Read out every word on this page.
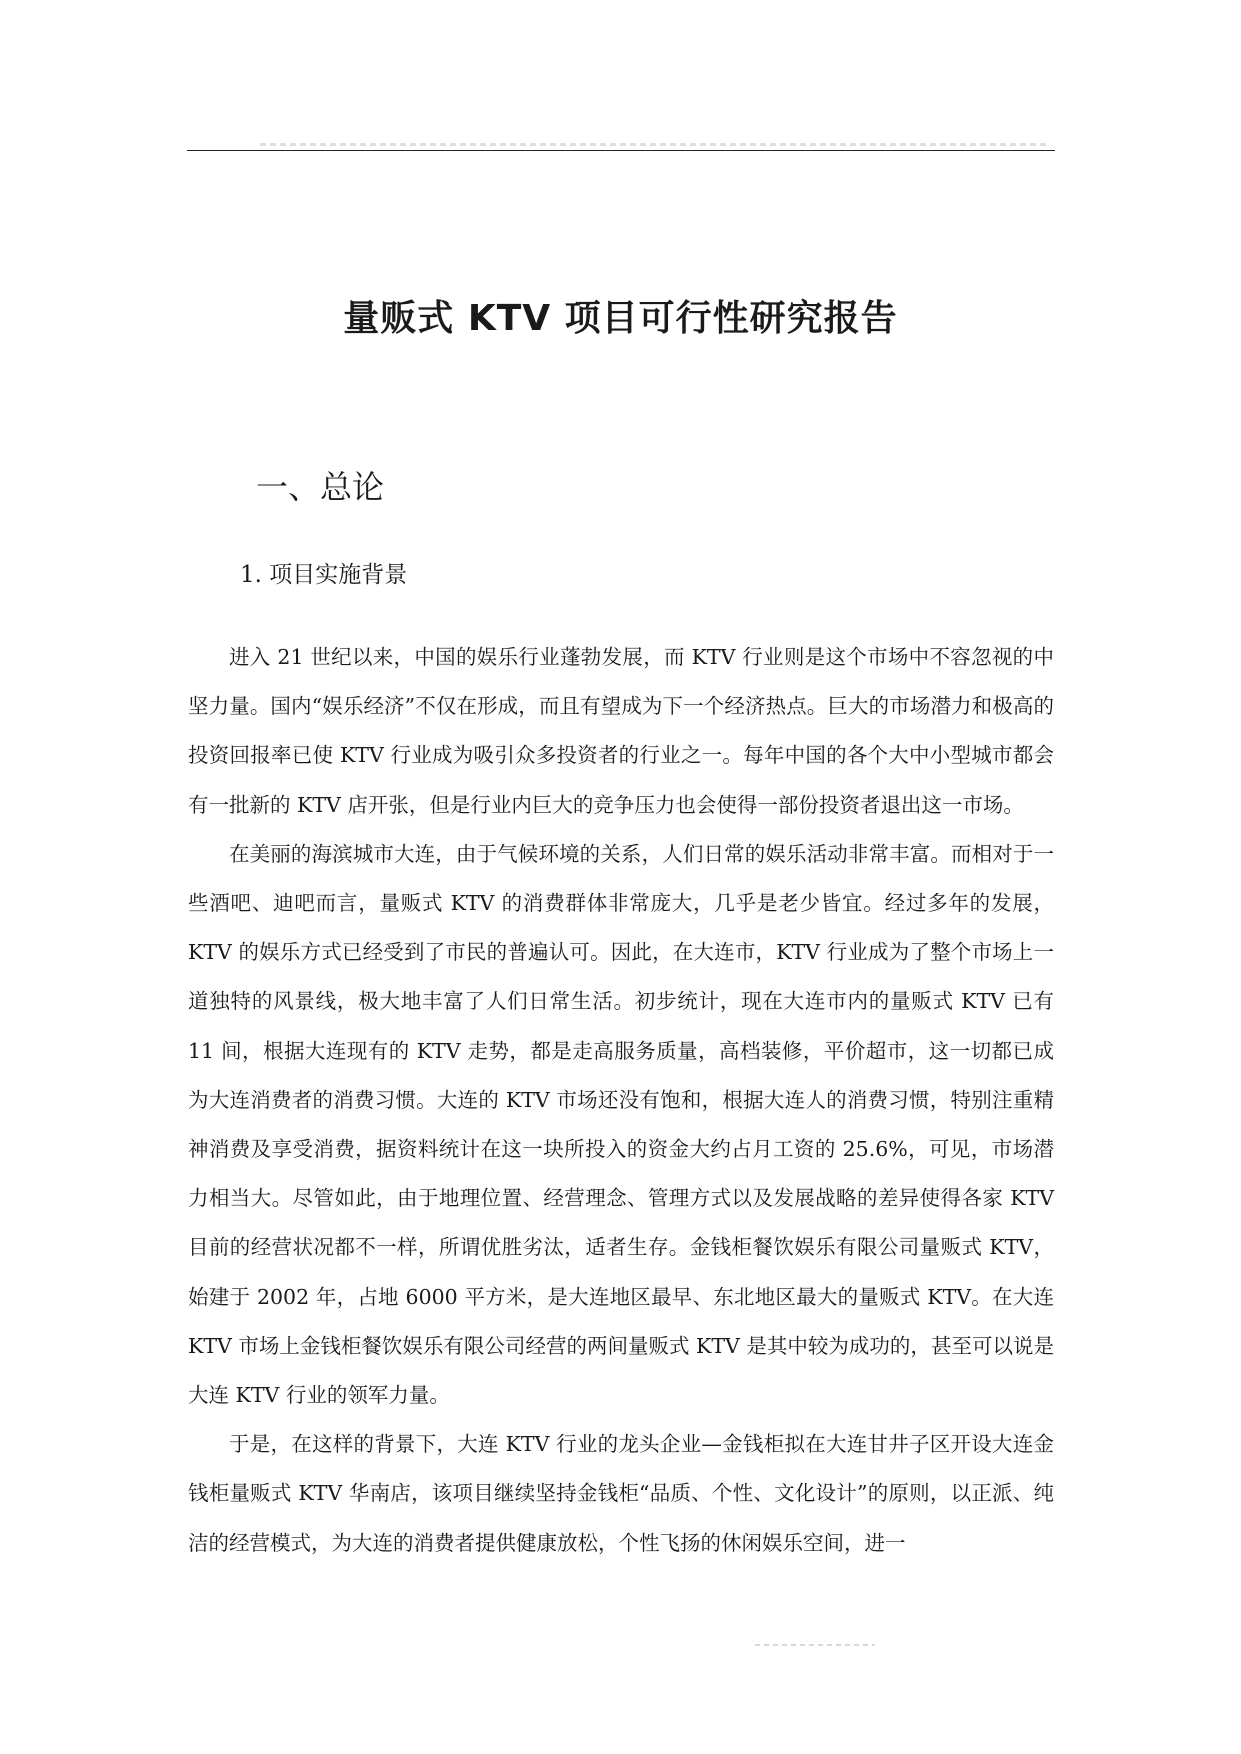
量贩式 KTV 项目可行性研究报告
一、总论
1. 项目实施背景

进入 21 世纪以来，中国的娱乐行业蓬勃发展，而 KTV 行业则是这个市场中不容忽视的中坚力量。国内“娱乐经济”不仅在形成，而且有望成为下一个经济热点。巨大的市场潜力和极高的投资回报率已使 KTV 行业成为吸引众多投资者的行业之一。每年中国的各个大中小型城市都会有一批新的 KTV 店开张，但是行业内巨大的竞争压力也会使得一部份投资者退出这一市场。

在美丽的海滨城市大连，由于气候环境的关系，人们日常的娱乐活动非常丰富。而相对于一些酒吧、迪吧而言，量贩式 KTV 的消费群体非常庞大，几乎是老少皆宜。经过多年的发展，KTV 的娱乐方式已经受到了市民的普遍认可。因此，在大连市，KTV 行业成为了整个市场上一道独特的风景线，极大地丰富了人们日常生活。初步统计，现在大连市内的量贩式 KTV 已有 11 间，根据大连现有的 KTV 走势，都是走高服务质量，高档装修，平价超市，这一切都已成为大连消费者的消费习惯。大连的 KTV 市场还没有饱和，根据大连人的消费习惯，特别注重精神消费及享受消费，据资料统计在这一块所投入的资金大约占月工资的 25.6%，可见，市场潜力相当大。尽管如此，由于地理位置、经营理念、管理方式以及发展战略的差异使得各家 KTV 目前的经营状况都不一样，所谓优胜劣汰，适者生存。金钱柜餐饮娱乐有限公司量贩式 KTV，始建于 2002 年，占地 6000 平方米，是大连地区最早、东北地区最大的量贩式 KTV。在大连 KTV 市场上金钱柜餐饮娱乐有限公司经营的两间量贩式 KTV 是其中较为成功的，甚至可以说是大连 KTV 行业的领军力量。

于是，在这样的背景下，大连 KTV 行业的龙头企业—金钱柜拟在大连甘井子区开设大连金钱柜量贩式 KTV 华南店，该项目继续坚持金钱柜“品质、个性、文化设计”的原则，以正派、纯洁的经营模式，为大连的消费者提供健康放松，个性飞扬的休闲娱乐空间，进一
